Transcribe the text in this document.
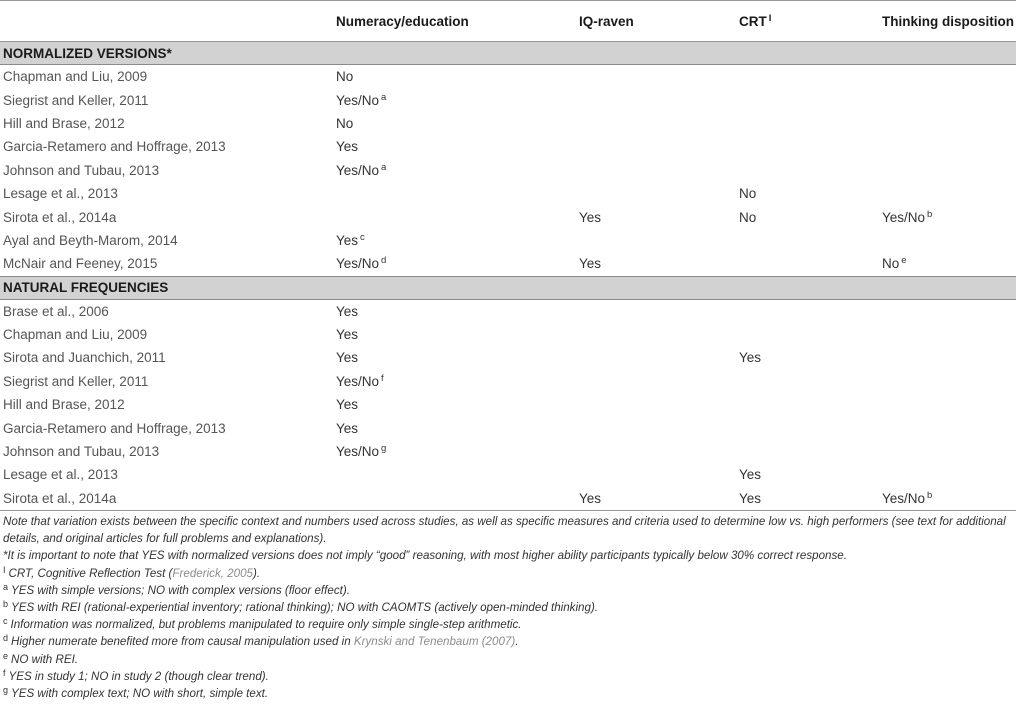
	Numeracy/education	IQ-raven	CRT $^I$	Thinking disposition
NORMALIZED VERSIONS*				
Chapman and Liu, 2009	No			
Siegrist and Keller, 2011	Yes/No $^a$			
Hill and Brase, 2012	No			
Garcia-Retamero and Hoffrage, 2013	Yes			
Johnson and Tubau, 2013	Yes/No $^a$			
Lesage et al., 2013			No	
Sirota et al., 2014a		Yes	No	Yes/No $^b$
Ayal and Beyth-Marom, 2014	Yes $^c$			
McNair and Feeney, 2015	Yes/No $^d$	Yes		No $^e$
NATURAL FREQUENCIES				
Brase et al., 2006	Yes			
Chapman and Liu, 2009	Yes			
Sirota and Juanchich, 2011	Yes		Yes	
Siegrist and Keller, 2011	Yes/No $^f$			
Hill and Brase, 2012	Yes			
Garcia-Retamero and Hoffrage, 2013	Yes			
Johnson and Tubau, 2013	Yes/No $^g$			
Lesage et al., 2013			Yes	
Sirota et al., 2014a		Yes	Yes	Yes/No $^b$

Note that variation exists between the specific context and numbers used across studies, as well as specific measures and criteria used to determine low vs. high performers (see text for additional details, and original articles for full problems and explanations).

*It is important to note that YES with normalized versions does not imply “good” reasoning, with most higher ability participants typically below 30% correct response.

$^I$ CRT, Cognitive Reflection Test (Frederick, 2005).

$^a$ YES with simple versions; NO with complex versions (floor effect).

$^b$ YES with REI (rational-experiential inventory; rational thinking); NO with CAOMTS (actively open-minded thinking).

$^c$ Information was normalized, but problems manipulated to require only simple single-step arithmetic.

$^d$ Higher numerate benefited more from causal manipulation used in Krynski and Tenenbaum (2007).

$^e$ NO with REI.

$^f$ YES in study 1; NO in study 2 (though clear trend).

$^g$ YES with complex text; NO with short, simple text.
